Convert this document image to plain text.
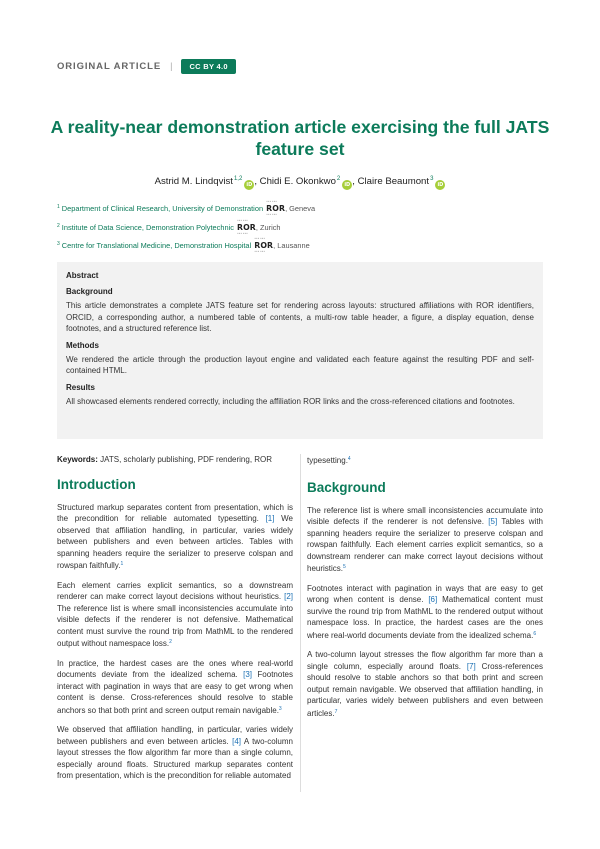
ORIGINAL ARTICLE |	CC BY 4.0
A reality-near demonstration article exercising the full JATS feature set
Astrid M. Lindqvist$^{1,2}$iD , Chidi E. Okonkwo$^2$iD , Claire Beaumont$^3$iD
$^1$ Department of Clinical Research, University of Demonstration ⋯ ⋯ ROR ⋯ ⋯, Geneva
$^2$ Institute of Data Science, Demonstration Polytechnic ⋯ ⋯ ROR ⋯ ⋯, Zurich
$^3$ Centre for Translational Medicine, Demonstration Hospital ⋯ ⋯ ROR ⋯ ⋯, Lausanne
Abstract
Background

This article demonstrates a complete JATS feature set for rendering across layouts: structured affiliations with ROR identifiers, ORCID, a corresponding author, a numbered table of contents, a multi-row table header, a figure, a display equation, dense footnotes, and a structured reference list.

Methods

We rendered the article through the production layout engine and validated each feature against the resulting PDF and self-contained HTML.

Results

All showcased elements rendered correctly, including the affiliation ROR links and the cross-referenced citations and footnotes.

Keywords: JATS, scholarly publishing, PDF rendering, ROR

Introduction

Structured markup separates content from presentation, which is the precondition for reliable automated typesetting. [1] We observed that affiliation handling, in particular, varies widely between publishers and even between articles. Tables with spanning headers require the serializer to preserve colspan and rowspan faithfully.$^1$

Each element carries explicit semantics, so a downstream renderer can make correct layout decisions without heuristics. [2] The reference list is where small inconsistencies accumulate into visible defects if the renderer is not defensive. Mathematical content must survive the round trip from MathML to the rendered output without namespace loss.$^2$

In practice, the hardest cases are the ones where real-world documents deviate from the idealized schema. [3] Footnotes interact with pagination in ways that are easy to get wrong when content is dense. Cross-references should resolve to stable anchors so that both print and screen output remain navigable.$^3$

We observed that affiliation handling, in particular, varies widely between publishers and even between articles. [4] A two-column layout stresses the flow algorithm far more than a single column, especially around floats. Structured markup separates content from presentation, which is the precondition for reliable automated

typesetting.$^4$

Background

The reference list is where small inconsistencies accumulate into visible defects if the renderer is not defensive. [5] Tables with spanning headers require the serializer to preserve colspan and rowspan faithfully. Each element carries explicit semantics, so a downstream renderer can make correct layout decisions without heuristics.$^5$

Footnotes interact with pagination in ways that are easy to get wrong when content is dense. [6] Mathematical content must survive the round trip from MathML to the rendered output without namespace loss. In practice, the hardest cases are the ones where real-world documents deviate from the idealized schema.$^6$

A two-column layout stresses the flow algorithm far more than a single column, especially around floats. [7] Cross-references should resolve to stable anchors so that both print and screen output remain navigable. We observed that affiliation handling, in particular, varies widely between publishers and even between articles.$^7$
